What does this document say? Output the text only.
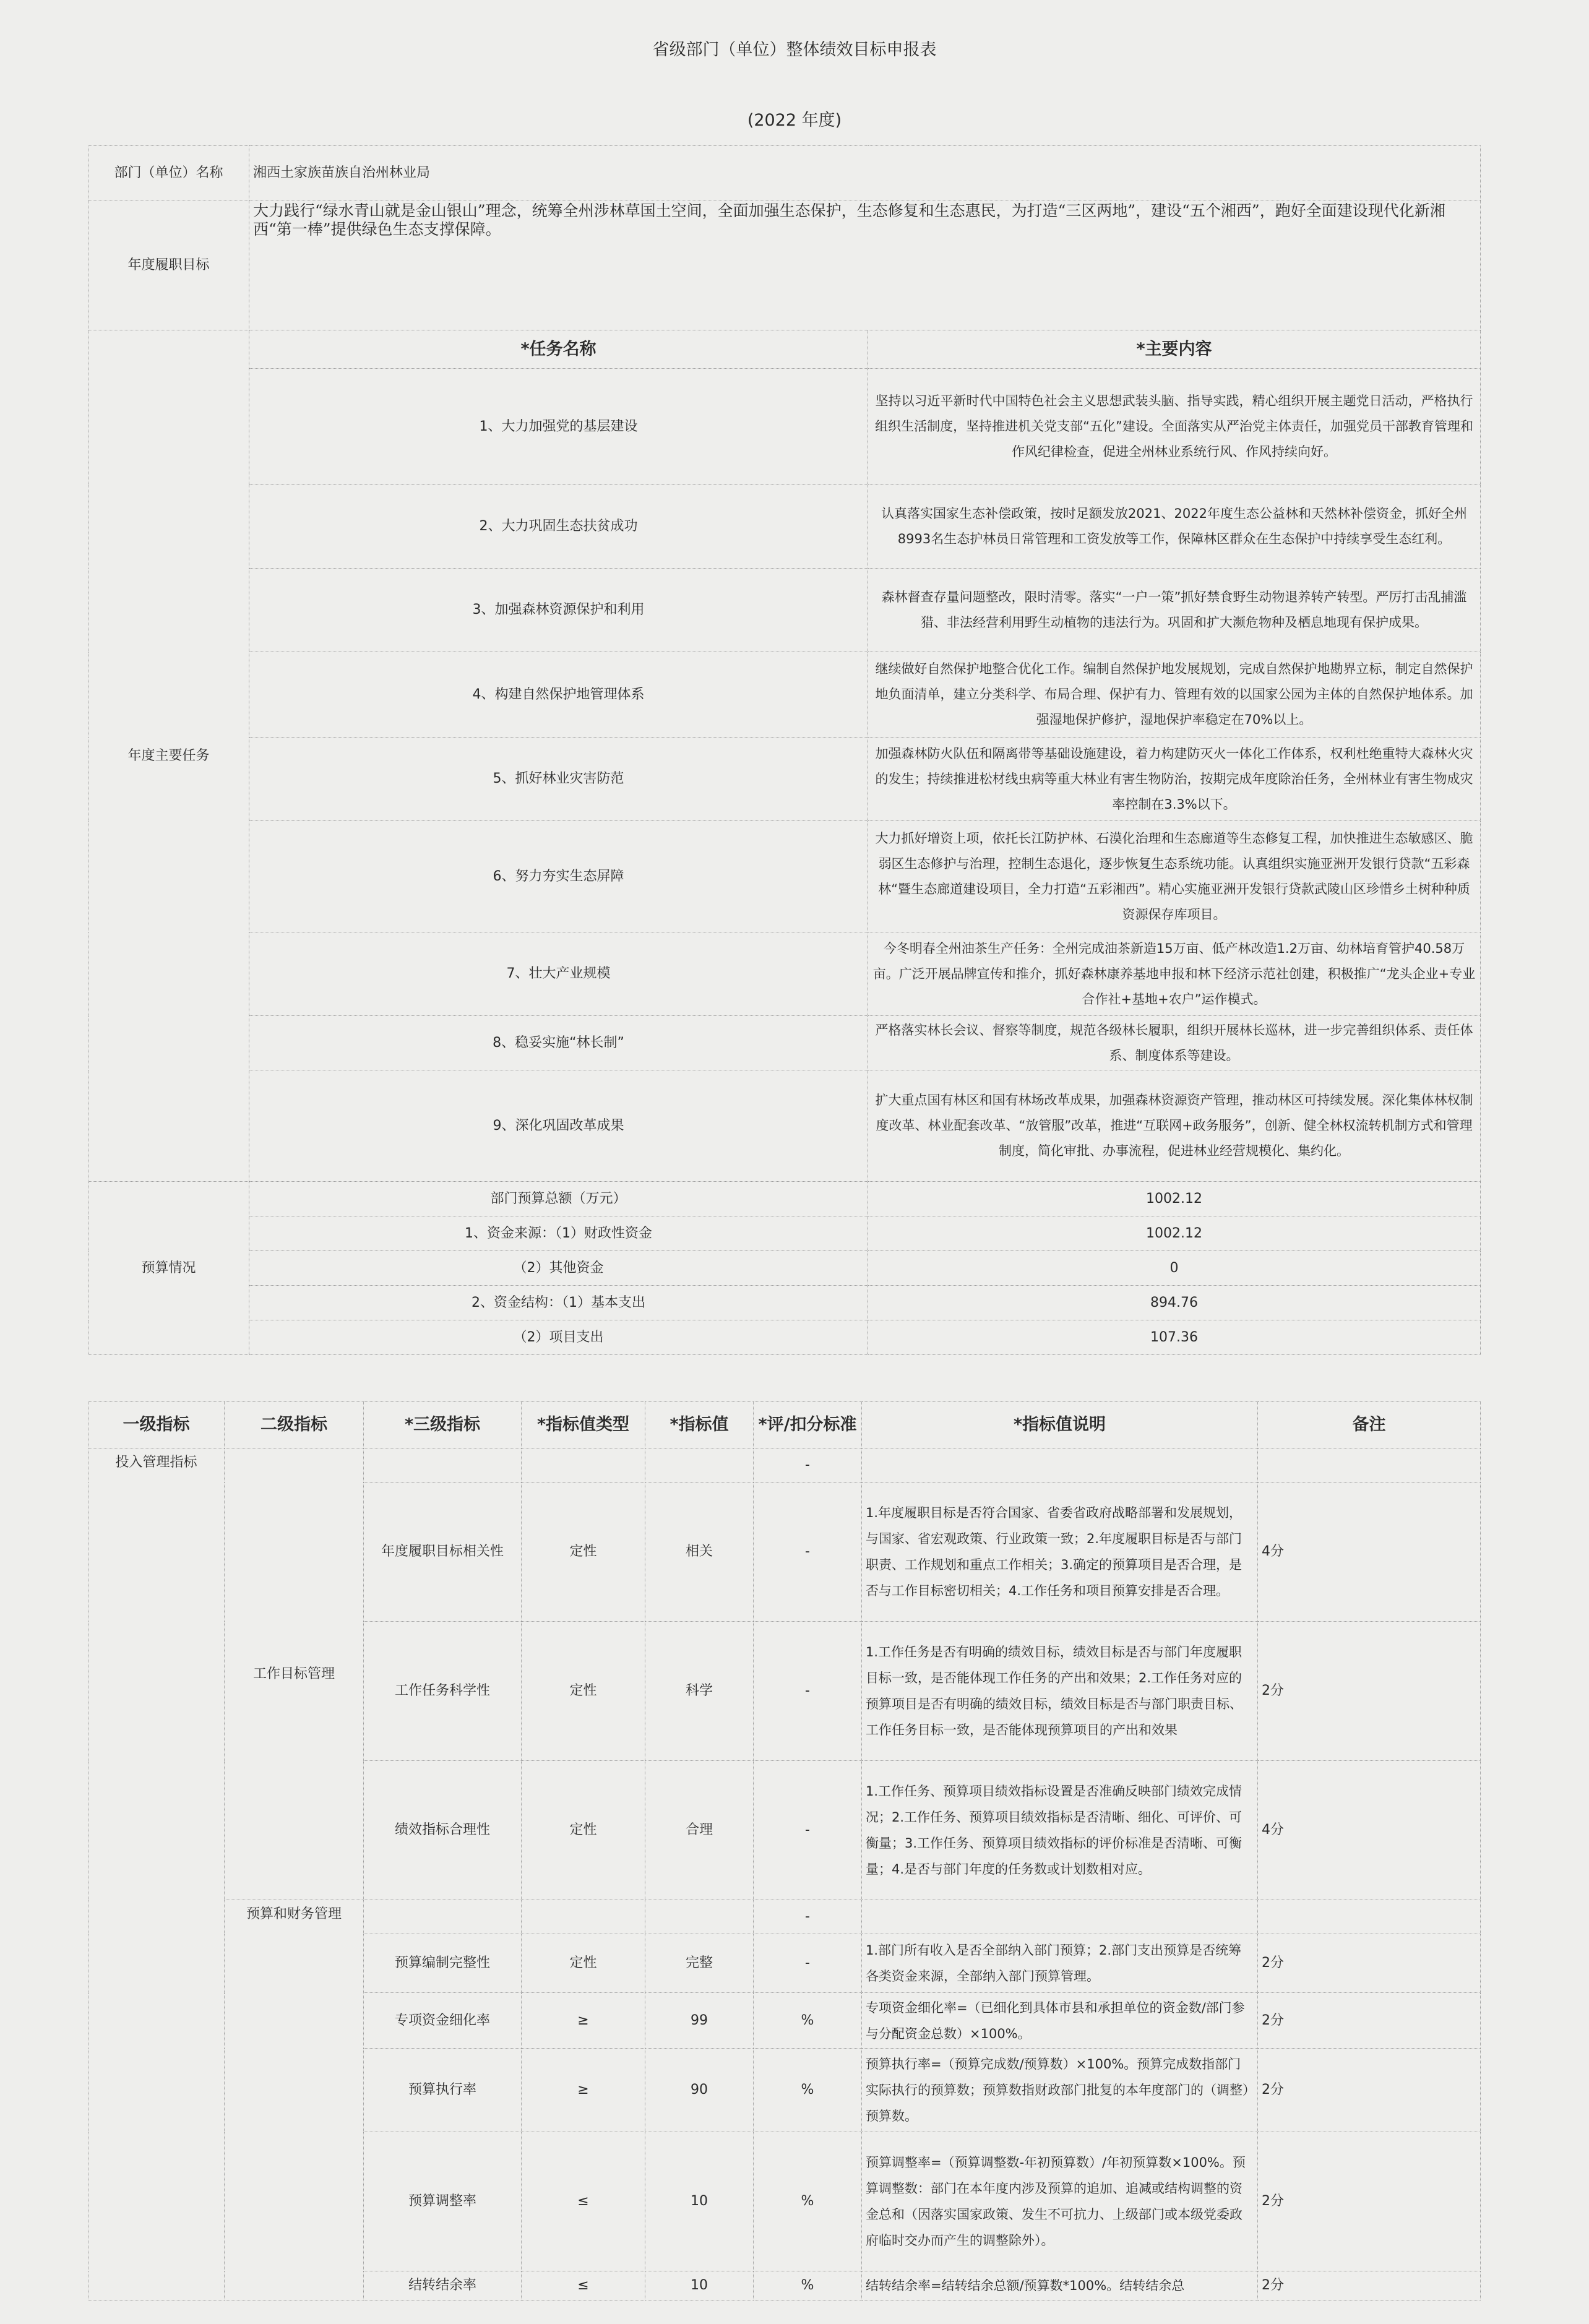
省级部门（单位）整体绩效目标申报表
(2022 年度)
部门（单位）名称	湘西土家族苗族自治州林业局	
年度履职目标	大力践行“绿水青山就是金山银山”理念，统筹全州涉林草国土空间，全面加强生态保护，生态修复和生态惠民，为打造“三区两地”，建设“五个湘西”，跑好全面建设现代化新湘西“第一棒”提供绿色生态支撑保障。	
年度主要任务	*任务名称	*主要内容
	1、大力加强党的基层建设	坚持以习近平新时代中国特色社会主义思想武装头脑、指导实践，精心组织开展主题党日活动，严格执行组织生活制度，坚持推进机关党支部“五化”建设。全面落实从严治党主体责任，加强党员干部教育管理和作风纪律检查，促进全州林业系统行风、作风持续向好。
	2、大力巩固生态扶贫成功	认真落实国家生态补偿政策，按时足额发放2021、2022年度生态公益林和天然林补偿资金，抓好全州8993名生态护林员日常管理和工资发放等工作，保障林区群众在生态保护中持续享受生态红利。
	3、加强森林资源保护和利用	森林督查存量问题整改，限时清零。落实“一户一策”抓好禁食野生动物退养转产转型。严厉打击乱捕滥猎、非法经营利用野生动植物的违法行为。巩固和扩大濒危物种及栖息地现有保护成果。
	4、构建自然保护地管理体系	继续做好自然保护地整合优化工作。编制自然保护地发展规划，完成自然保护地勘界立标，制定自然保护地负面清单，建立分类科学、布局合理、保护有力、管理有效的以国家公园为主体的自然保护地体系。加强湿地保护修护，湿地保护率稳定在70%以上。
	5、抓好林业灾害防范	加强森林防火队伍和隔离带等基础设施建设，着力构建防灭火一体化工作体系，权利杜绝重特大森林火灾的发生；持续推进松材线虫病等重大林业有害生物防治，按期完成年度除治任务，全州林业有害生物成灾率控制在3.3%以下。
	6、努力夯实生态屏障	大力抓好增资上项，依托长江防护林、石漠化治理和生态廊道等生态修复工程，加快推进生态敏感区、脆弱区生态修护与治理，控制生态退化，逐步恢复生态系统功能。认真组织实施亚洲开发银行贷款“五彩森林“暨生态廊道建设项目，全力打造“五彩湘西”。精心实施亚洲开发银行贷款武陵山区珍惜乡土树种种质资源保存库项目。
	7、壮大产业规模	今冬明春全州油茶生产任务：全州完成油茶新造15万亩、低产林改造1.2万亩、幼林培育管护40.58万亩。广泛开展品牌宣传和推介，抓好森林康养基地申报和林下经济示范社创建，积极推广“龙头企业+专业合作社+基地+农户”运作模式。
	8、稳妥实施“林长制”	严格落实林长会议、督察等制度，规范各级林长履职，组织开展林长巡林，进一步完善组织体系、责任体系、制度体系等建设。
	9、深化巩固改革成果	扩大重点国有林区和国有林场改革成果，加强森林资源资产管理，推动林区可持续发展。深化集体林权制度改革、林业配套改革、“放管服”改革，推进“互联网+政务服务”，创新、健全林权流转机制方式和管理制度，简化审批、办事流程，促进林业经营规模化、集约化。
预算情况	部门预算总额（万元）	1002.12
	1、资金来源：（1）财政性资金	1002.12
	（2）其他资金	0
	2、资金结构：（1）基本支出	894.76
	（2）项目支出	107.36
一级指标	二级指标	*三级指标	*指标值类型	*指标值	*评/扣分标准	*指标值说明	备注
投入管理指标	工作目标管理				-		
		年度履职目标相关性	定性	相关	-	1.年度履职目标是否符合国家、省委省政府战略部署和发展规划，与国家、省宏观政策、行业政策一致；2.年度履职目标是否与部门职责、工作规划和重点工作相关；3.确定的预算项目是否合理，是否与工作目标密切相关；4.工作任务和项目预算安排是否合理。	4分
		工作任务科学性	定性	科学	-	1.工作任务是否有明确的绩效目标，绩效目标是否与部门年度履职目标一致，是否能体现工作任务的产出和效果；2.工作任务对应的预算项目是否有明确的绩效目标，绩效目标是否与部门职责目标、工作任务目标一致，是否能体现预算项目的产出和效果	2分
		绩效指标合理性	定性	合理	-	1.工作任务、预算项目绩效指标设置是否准确反映部门绩效完成情况；2.工作任务、预算项目绩效指标是否清晰、细化、可评价、可衡量；3.工作任务、预算项目绩效指标的评价标准是否清晰、可衡量；4.是否与部门年度的任务数或计划数相对应。	4分
	预算和财务管理				-		
		预算编制完整性	定性	完整	-	1.部门所有收入是否全部纳入部门预算；2.部门支出预算是否统筹各类资金来源，全部纳入部门预算管理。	2分
		专项资金细化率	≥	99	%	专项资金细化率=（已细化到具体市县和承担单位的资金数/部门参与分配资金总数）×100%。	2分
		预算执行率	≥	90	%	预算执行率=（预算完成数/预算数）×100%。预算完成数指部门实际执行的预算数；预算数指财政部门批复的本年度部门的（调整）预算数。	2分
		预算调整率	≤	10	%	预算调整率=（预算调整数-年初预算数）/年初预算数×100%。预算调整数：部门在本年度内涉及预算的追加、追减或结构调整的资金总和（因落实国家政策、发生不可抗力、上级部门或本级党委政府临时交办而产生的调整除外）。	2分
		结转结余率	≤	10	%	结转结余率=结转结余总额/预算数*100%。结转结余总	2分
